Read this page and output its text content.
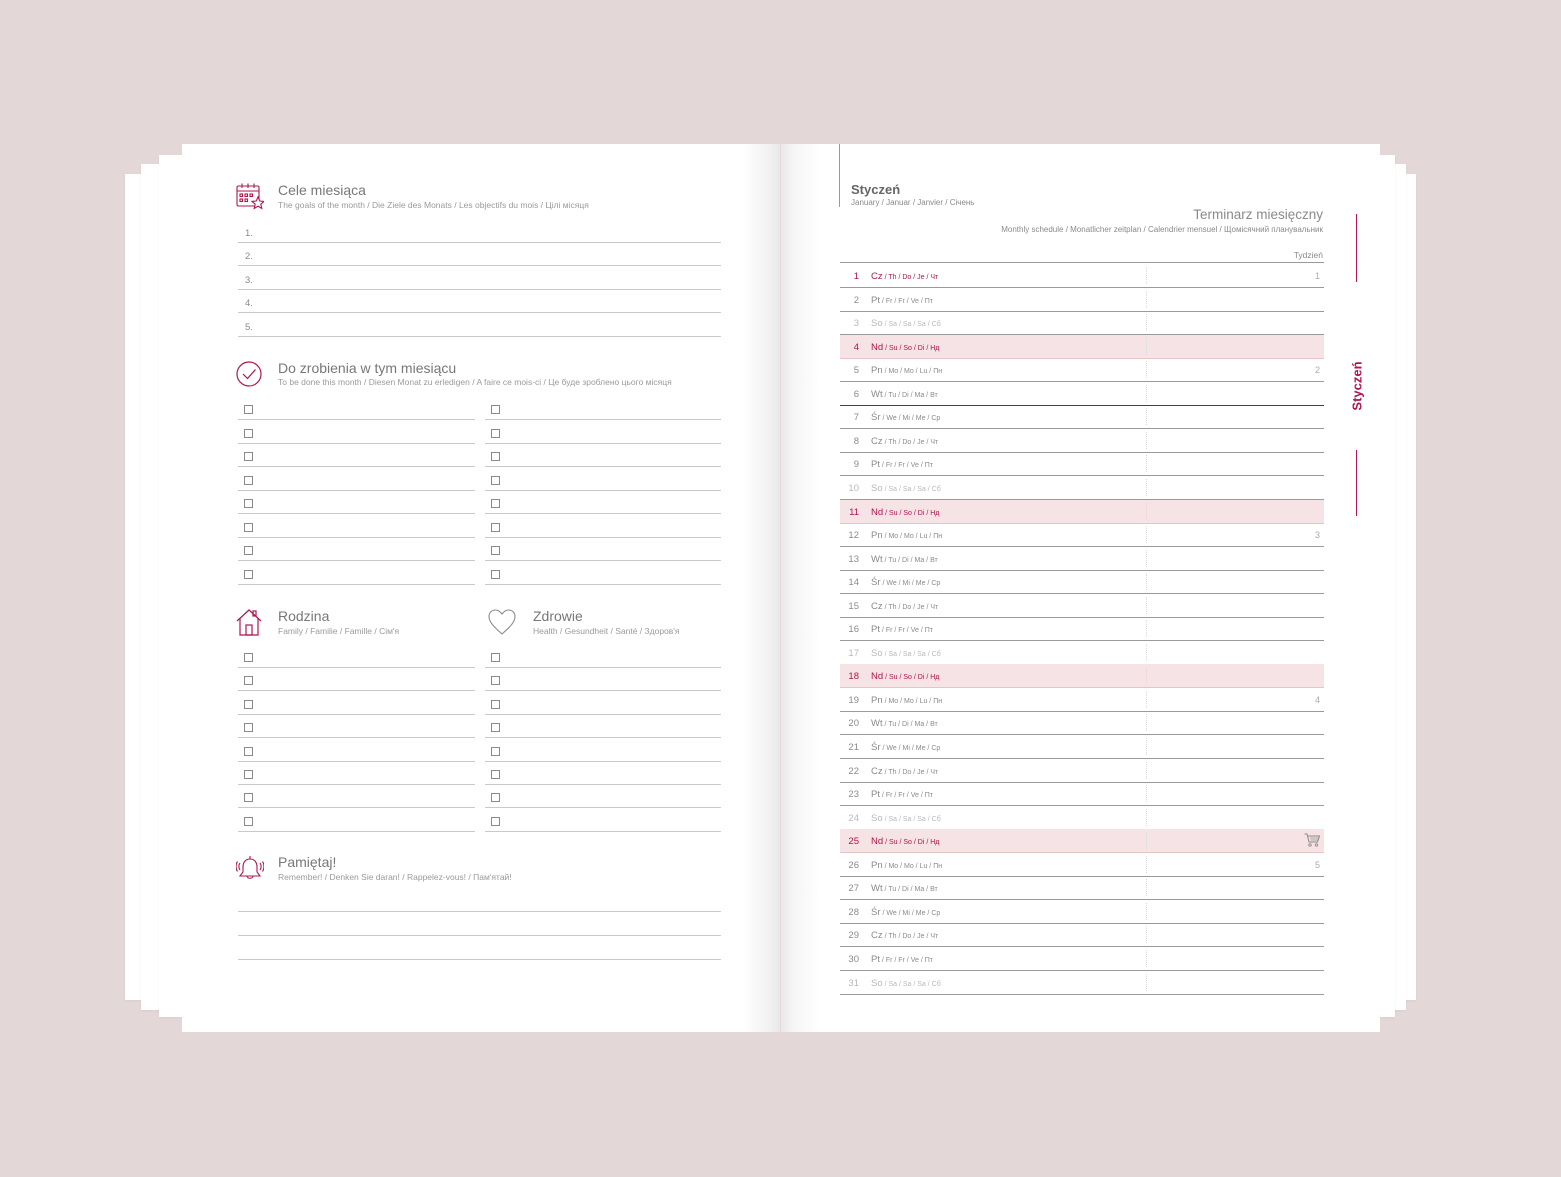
Cele miesiąca
The goals of the month / Die Ziele des Monats / Les objectifs du mois / Цілі місяця
1.
2.
3.
4.
5.
Do zrobienia w tym miesiącu
To be done this month / Diesen Monat zu erledigen / A faire ce mois-ci / Це буде зроблено цього місяця
Rodzina
Family / Familie / Famille / Сім'я
Zdrowie
Health / Gesundheit / Santé / Здоров'я
Pamiętaj!
Remember! / Denken Sie daran! / Rappelez-vous! / Пам'ятай!
Styczeń
January / Januar / Janvier / Січень
Terminarz miesięczny
Monthly schedule / Monatlicher zeitplan / Calendrier mensuel / Щомісячний планувальник
Tydzień
1 Cz / Th / Do / Je / Чт	1
2 Pt / Fr / Fr / Ve / Пт
3 So / Sa / Sa / Sa / Сб
4 Nd / Su / So / Di / Нд
5 Pn / Mo / Mo / Lu / Пн	2
6 Wt / Tu / Di / Ma / Вт
7 Śr / We / Mi / Me / Ср
8 Cz / Th / Do / Je / Чт
9 Pt / Fr / Fr / Ve / Пт
10 So / Sa / Sa / Sa / Сб
11 Nd / Su / So / Di / Нд
12 Pn / Mo / Mo / Lu / Пн	3
13 Wt / Tu / Di / Ma / Вт
14 Śr / We / Mi / Me / Ср
15 Cz / Th / Do / Je / Чт
16 Pt / Fr / Fr / Ve / Пт
17 So / Sa / Sa / Sa / Сб
18 Nd / Su / So / Di / Нд
19 Pn / Mo / Mo / Lu / Пн	4
20 Wt / Tu / Di / Ma / Вт
21 Śr / We / Mi / Me / Ср
22 Cz / Th / Do / Je / Чт
23 Pt / Fr / Fr / Ve / Пт
24 So / Sa / Sa / Sa / Сб
25 Nd / Su / So / Di / Нд
26 Pn / Mo / Mo / Lu / Пн	5
27 Wt / Tu / Di / Ma / Вт
28 Śr / We / Mi / Me / Ср
29 Cz / Th / Do / Je / Чт
30 Pt / Fr / Fr / Ve / Пт
31 So / Sa / Sa / Sa / Сб
Styczeń
